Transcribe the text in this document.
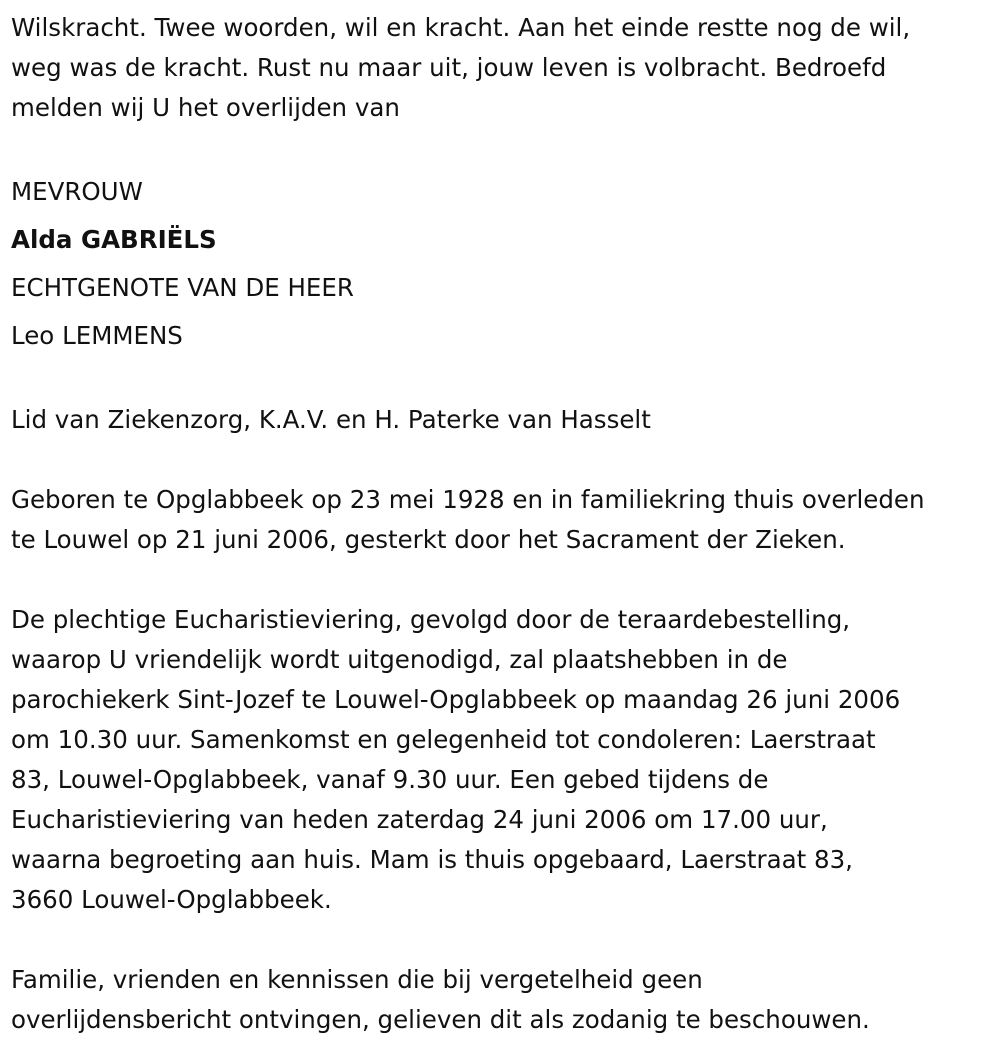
Wilskracht. Twee woorden, wil en kracht. Aan het einde restte nog de wil,
weg was de kracht. Rust nu maar uit, jouw leven is volbracht. Bedroefd
melden wij U het overlijden van
MEVROUW
Alda GABRIËLS
ECHTGENOTE VAN DE HEER
Leo LEMMENS
Lid van Ziekenzorg, K.A.V. en H. Paterke van Hasselt
Geboren te Opglabbeek op 23 mei 1928 en in familiekring thuis overleden
te Louwel op 21 juni 2006, gesterkt door het Sacrament der Zieken.
De plechtige Eucharistieviering, gevolgd door de teraardebestelling,
waarop U vriendelijk wordt uitgenodigd, zal plaatshebben in de
parochiekerk Sint-Jozef te Louwel-Opglabbeek op maandag 26 juni 2006
om 10.30 uur. Samenkomst en gelegenheid tot condoleren: Laerstraat
83, Louwel-Opglabbeek, vanaf 9.30 uur. Een gebed tijdens de
Eucharistieviering van heden zaterdag 24 juni 2006 om 17.00 uur,
waarna begroeting aan huis. Mam is thuis opgebaard, Laerstraat 83,
3660 Louwel-Opglabbeek.
Familie, vrienden en kennissen die bij vergetelheid geen
overlijdensbericht ontvingen, gelieven dit als zodanig te beschouwen.
